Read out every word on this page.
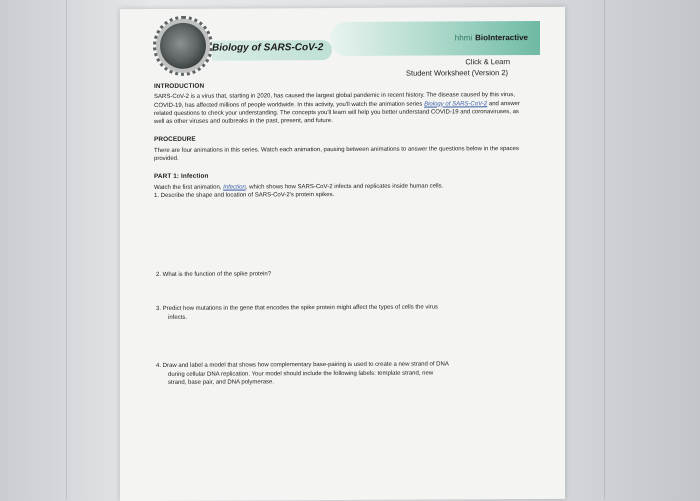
Biology of SARS-CoV-2
hhmi BioInteractive
Click & Learn
Student Worksheet (Version 2)

INTRODUCTION

SARS-CoV-2 is a virus that, starting in 2020, has caused the largest global pandemic in recent history. The disease caused by this virus, COVID-19, has affected millions of people worldwide. In this activity, you'll watch the animation series Biology of SARS-CoV-2 and answer related questions to check your understanding. The concepts you'll learn will help you better understand COVID-19 and coronaviruses, as well as other viruses and outbreaks in the past, present, and future.

PROCEDURE

There are four animations in this series. Watch each animation, pausing between animations to answer the questions below in the spaces provided.

PART 1: Infection

Watch the first animation, Infection, which shows how SARS-CoV-2 infects and replicates inside human cells.

1. Describe the shape and location of SARS-CoV-2's protein spikes.

2. What is the function of the spike protein?
3. Predict how mutations in the gene that encodes the spike protein might affect the types of cells the virus
infects.
4. Draw and label a model that shows how complementary base-pairing is used to create a new strand of DNA
during cellular DNA replication. Your model should include the following labels: template strand, new
strand, base pair, and DNA polymerase.
